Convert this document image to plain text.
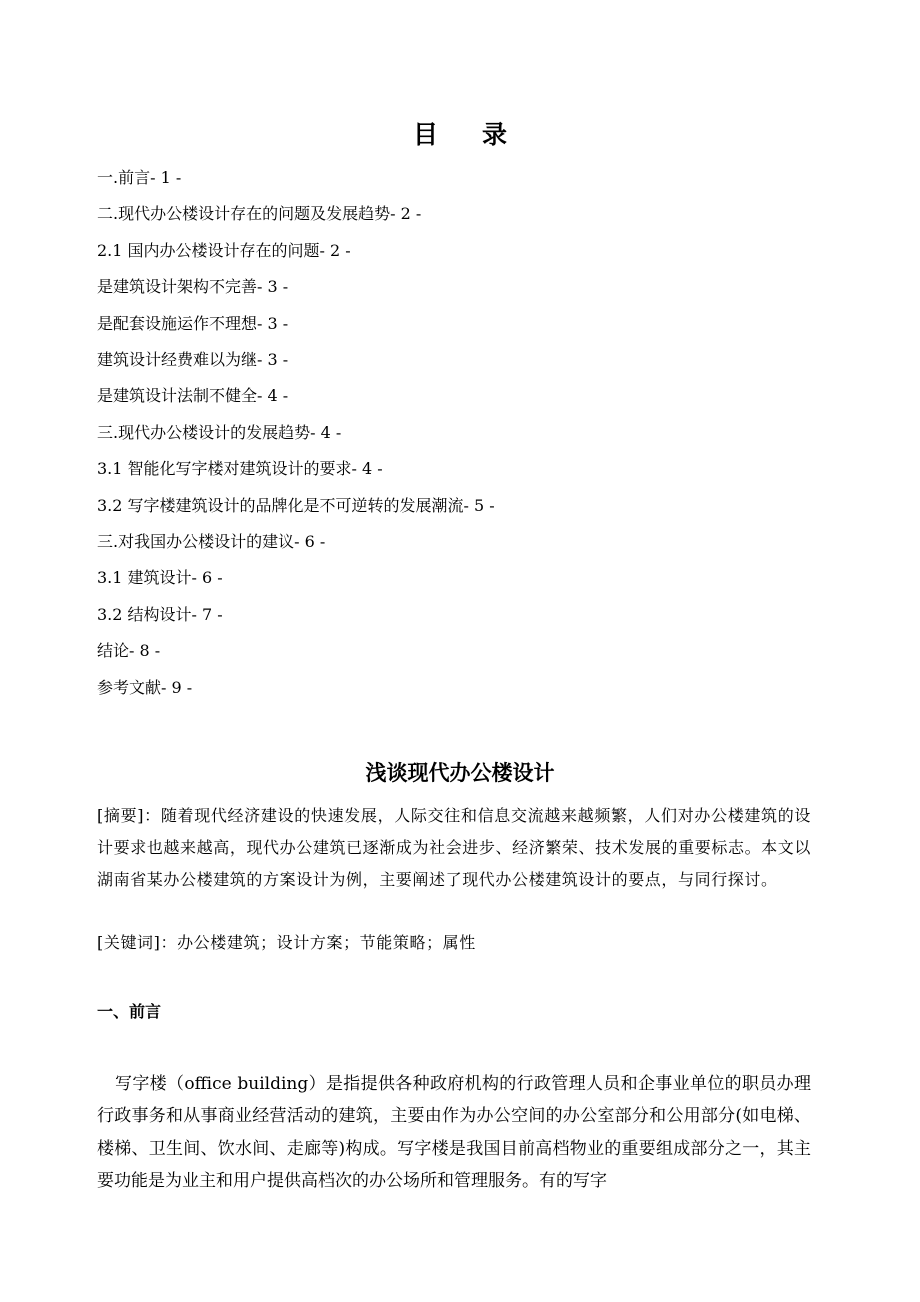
目录
一.前言- 1 -
二.现代办公楼设计存在的问题及发展趋势- 2 -
2.1 国内办公楼设计存在的问题- 2 -
是建筑设计架构不完善- 3 -
是配套设施运作不理想- 3 -
建筑设计经费难以为继- 3 -
是建筑设计法制不健全- 4 -
三.现代办公楼设计的发展趋势- 4 -
3.1 智能化写字楼对建筑设计的要求- 4 -
3.2 写字楼建筑设计的品牌化是不可逆转的发展潮流- 5 -
三.对我国办公楼设计的建议- 6 -
3.1 建筑设计- 6 -
3.2 结构设计- 7 -
结论- 8 -
参考文献- 9 -
浅谈现代办公楼设计
[摘要]：随着现代经济建设的快速发展，人际交往和信息交流越来越频繁，人们对办公楼建筑的设计要求也越来越高，现代办公建筑已逐渐成为社会进步、经济繁荣、技术发展的重要标志。本文以湖南省某办公楼建筑的方案设计为例，主要阐述了现代办公楼建筑设计的要点，与同行探讨。
[关键词]：办公楼建筑；设计方案；节能策略；属性
一、前言
写字楼（office building）是指提供各种政府机构的行政管理人员和企事业单位的职员办理行政事务和从事商业经营活动的建筑，主要由作为办公空间的办公室部分和公用部分(如电梯、楼梯、卫生间、饮水间、走廊等)构成。写字楼是我国目前高档物业的重要组成部分之一，其主要功能是为业主和用户提供高档次的办公场所和管理服务。有的写字
